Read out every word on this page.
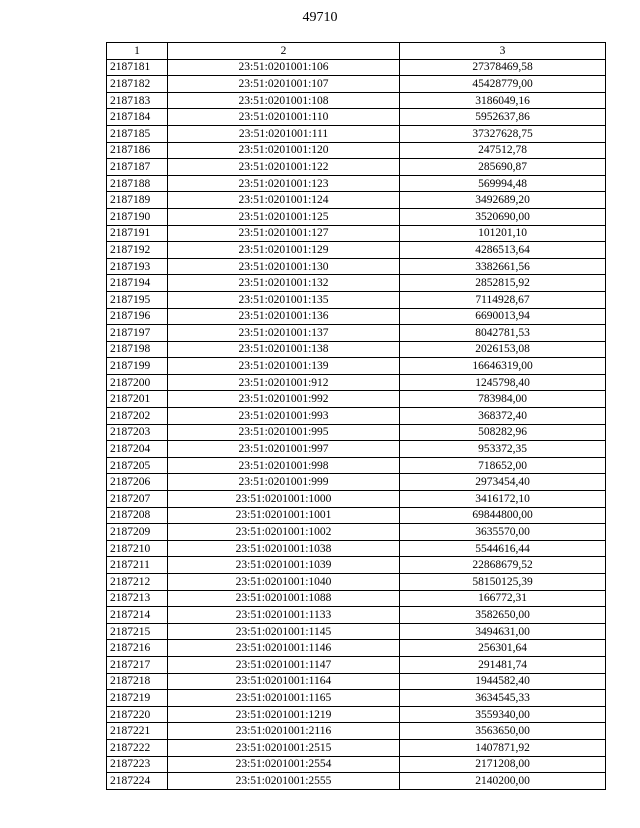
49710
1	2	3
2187181	23:51:0201001:106	27378469,58
2187182	23:51:0201001:107	45428779,00
2187183	23:51:0201001:108	3186049,16
2187184	23:51:0201001:110	5952637,86
2187185	23:51:0201001:111	37327628,75
2187186	23:51:0201001:120	247512,78
2187187	23:51:0201001:122	285690,87
2187188	23:51:0201001:123	569994,48
2187189	23:51:0201001:124	3492689,20
2187190	23:51:0201001:125	3520690,00
2187191	23:51:0201001:127	101201,10
2187192	23:51:0201001:129	4286513,64
2187193	23:51:0201001:130	3382661,56
2187194	23:51:0201001:132	2852815,92
2187195	23:51:0201001:135	7114928,67
2187196	23:51:0201001:136	6690013,94
2187197	23:51:0201001:137	8042781,53
2187198	23:51:0201001:138	2026153,08
2187199	23:51:0201001:139	16646319,00
2187200	23:51:0201001:912	1245798,40
2187201	23:51:0201001:992	783984,00
2187202	23:51:0201001:993	368372,40
2187203	23:51:0201001:995	508282,96
2187204	23:51:0201001:997	953372,35
2187205	23:51:0201001:998	718652,00
2187206	23:51:0201001:999	2973454,40
2187207	23:51:0201001:1000	3416172,10
2187208	23:51:0201001:1001	69844800,00
2187209	23:51:0201001:1002	3635570,00
2187210	23:51:0201001:1038	5544616,44
2187211	23:51:0201001:1039	22868679,52
2187212	23:51:0201001:1040	58150125,39
2187213	23:51:0201001:1088	166772,31
2187214	23:51:0201001:1133	3582650,00
2187215	23:51:0201001:1145	3494631,00
2187216	23:51:0201001:1146	256301,64
2187217	23:51:0201001:1147	291481,74
2187218	23:51:0201001:1164	1944582,40
2187219	23:51:0201001:1165	3634545,33
2187220	23:51:0201001:1219	3559340,00
2187221	23:51:0201001:2116	3563650,00
2187222	23:51:0201001:2515	1407871,92
2187223	23:51:0201001:2554	2171208,00
2187224	23:51:0201001:2555	2140200,00
